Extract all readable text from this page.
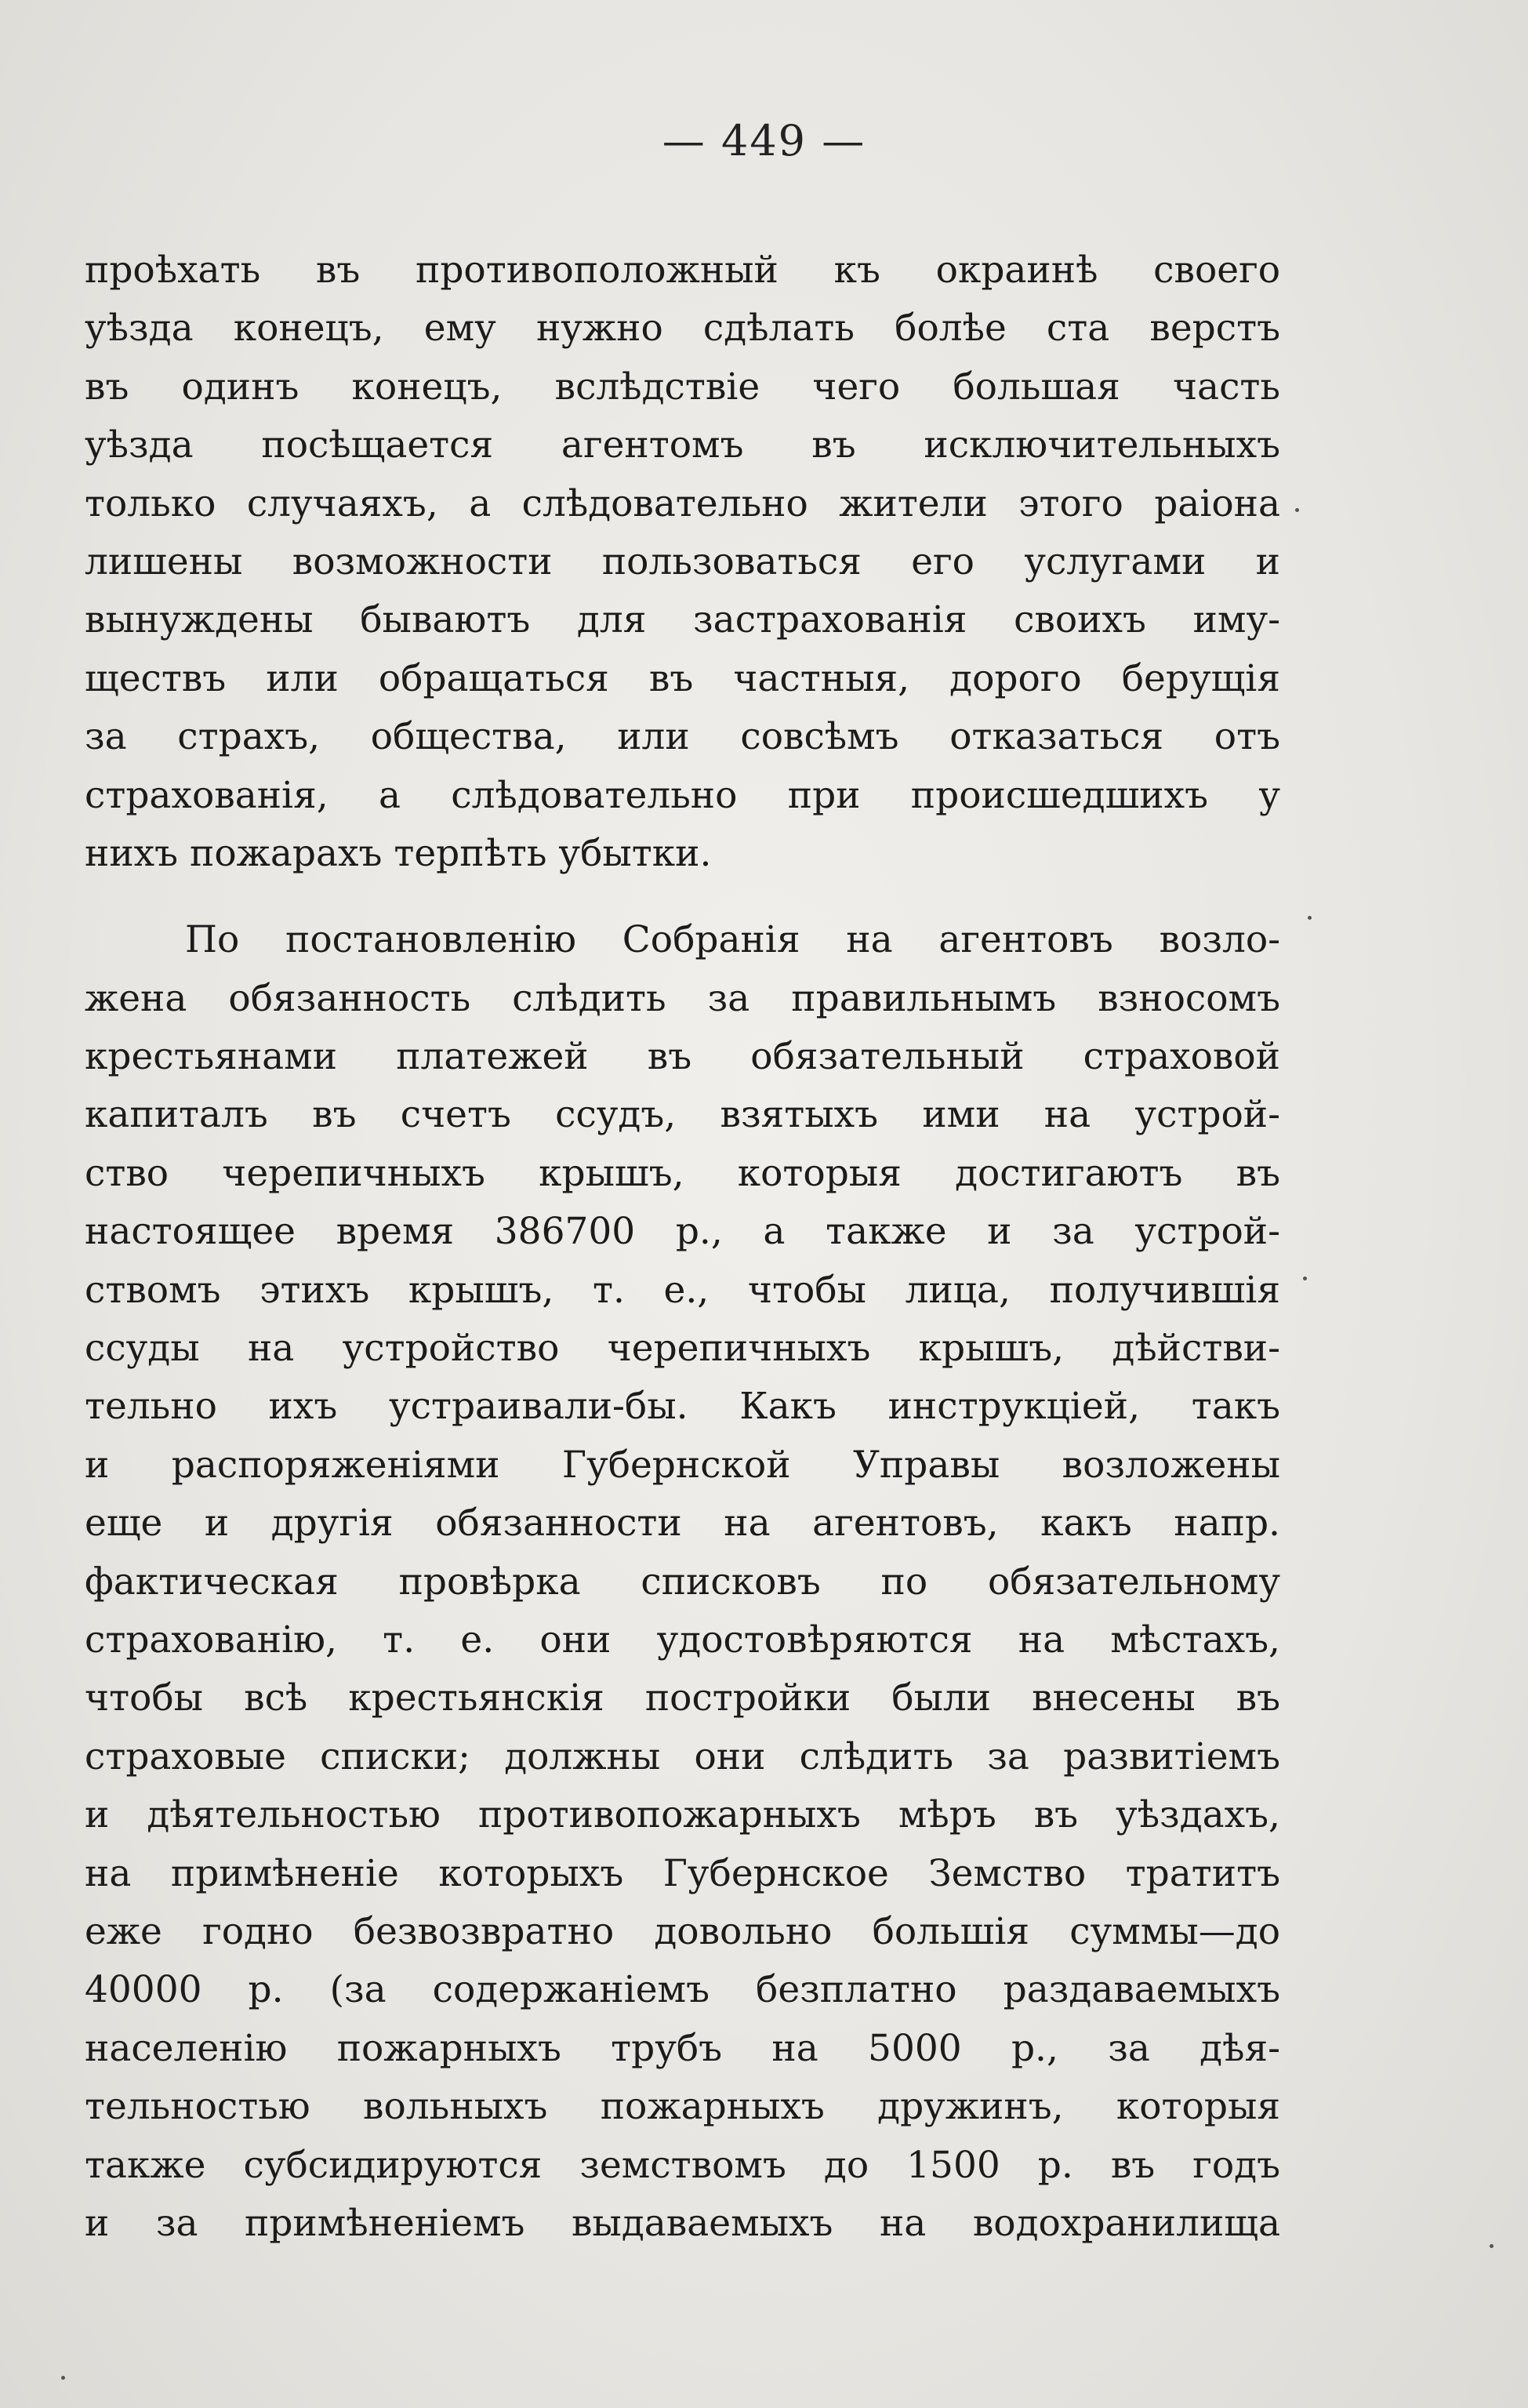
— 449 —
проѣхать въ противоположный къ окраинѣ своего
уѣзда конецъ, ему нужно сдѣлать болѣе ста верстъ
въ одинъ конецъ, вслѣдствіе чего большая часть
уѣзда посѣщается агентомъ въ исключительныхъ
только случаяхъ, а слѣдовательно жители этого раіона
лишены возможности пользоваться его услугами и
вынуждены бываютъ для застрахованія своихъ иму-
ществъ или обращаться въ частныя, дорого берущія
за страхъ, общества, или совсѣмъ отказаться отъ
страхованія, а слѣдовательно при происшедшихъ у
нихъ пожарахъ терпѣть убытки.
По постановленію Собранія на агентовъ возло-
жена обязанность слѣдить за правильнымъ взносомъ
крестьянами платежей въ обязательный страховой
капиталъ въ счетъ ссудъ, взятыхъ ими на устрой-
ство черепичныхъ крышъ, которыя достигаютъ въ
настоящее время 386700 р., а также и за устрой-
ствомъ этихъ крышъ, т. е., чтобы лица, получившія
ссуды на устройство черепичныхъ крышъ, дѣйстви-
тельно ихъ устраивали-бы. Какъ инструкціей, такъ
и распоряженіями Губернской Управы возложены
еще и другія обязанности на агентовъ, какъ напр.
фактическая провѣрка списковъ по обязательному
страхованію, т. е. они удостовѣряются на мѣстахъ,
чтобы всѣ крестьянскія постройки были внесены въ
страховые списки; должны они слѣдить за развитіемъ
и дѣятельностью противопожарныхъ мѣръ въ уѣздахъ,
на примѣненіе которыхъ Губернское Земство тратитъ
еже годно безвозвратно довольно большія суммы—до
40000 р. (за содержаніемъ безплатно раздаваемыхъ
населенію пожарныхъ трубъ на 5000 р., за дѣя-
тельностью вольныхъ пожарныхъ дружинъ, которыя
также субсидируются земствомъ до 1500 р. въ годъ
и за примѣненіемъ выдаваемыхъ на водохранилища
